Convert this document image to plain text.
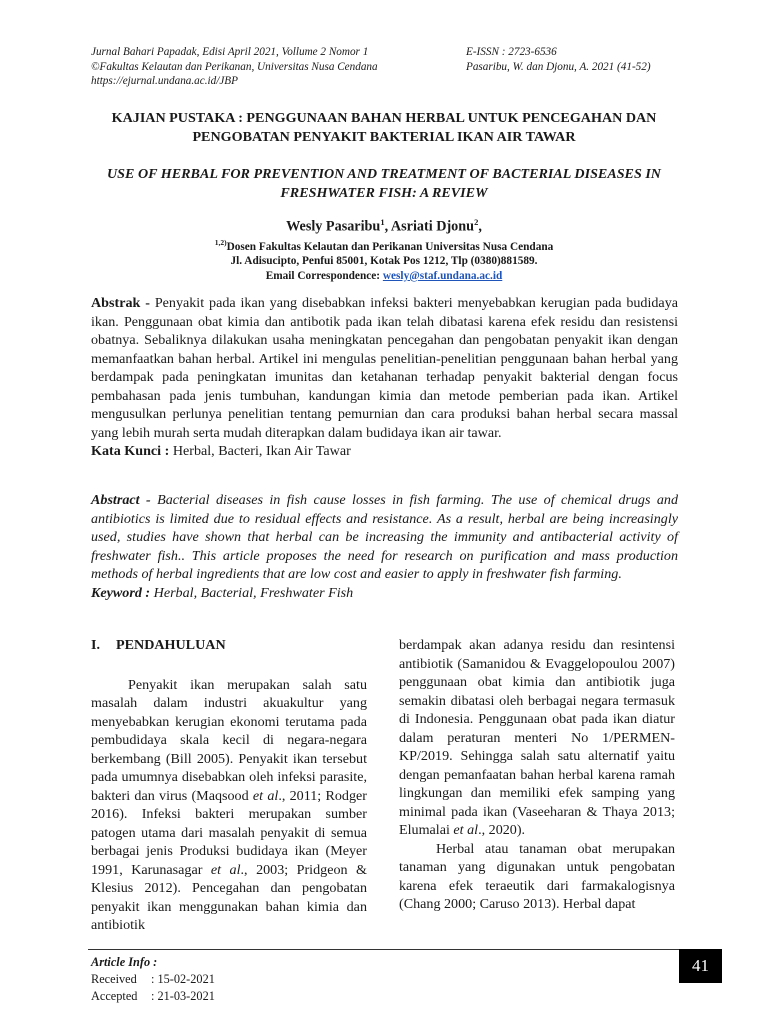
Jurnal Bahari Papadak, Edisi April 2021, Vollume 2 Nomor 1
©Fakultas Kelautan dan Perikanan, Universitas Nusa Cendana
https://ejurnal.undana.ac.id/JBP
E-ISSN : 2723-6536
Pasaribu, W. dan Djonu, A. 2021 (41-52)
KAJIAN PUSTAKA : PENGGUNAAN BAHAN HERBAL UNTUK PENCEGAHAN DAN PENGOBATAN PENYAKIT BAKTERIAL IKAN AIR TAWAR
USE OF HERBAL FOR PREVENTION AND TREATMENT OF BACTERIAL DISEASES IN FRESHWATER FISH: A REVIEW
Wesly Pasaribu$^1$, Asriati Djonu$^2$,
$^{1,2)}$Dosen Fakultas Kelautan dan Perikanan Universitas Nusa Cendana
Jl. Adisucipto, Penfui 85001, Kotak Pos 1212, Tlp (0380)881589.
Email Correspondence: wesly@staf.undana.ac.id
Abstrak - Penyakit pada ikan yang disebabkan infeksi bakteri menyebabkan kerugian pada budidaya ikan. Penggunaan obat kimia dan antibotik pada ikan telah dibatasi karena efek residu dan resistensi obatnya. Sebaliknya dilakukan usaha meningkatan pencegahan dan pengobatan penyakit ikan dengan memanfaatkan bahan herbal. Artikel ini mengulas penelitian-penelitian penggunaan bahan herbal yang berdampak pada peningkatan imunitas dan ketahanan terhadap penyakit bakterial dengan focus pembahasan pada jenis tumbuhan, kandungan kimia dan metode pemberian pada ikan. Artikel mengusulkan perlunya penelitian tentang pemurnian dan cara produksi bahan herbal secara massal yang lebih murah serta mudah diterapkan dalam budidaya ikan air tawar.
Kata Kunci : Herbal, Bacteri, Ikan Air Tawar
Abstract - Bacterial diseases in fish cause losses in fish farming. The use of chemical drugs and antibiotics is limited due to residual effects and resistance. As a result, herbal are being increasingly used, studies have shown that herbal can be increasing the immunity and antibacterial activity of freshwater fish.. This article proposes the need for research on purification and mass production methods of herbal ingredients that are low cost and easier to apply in freshwater fish farming.
Keyword : Herbal, Bacterial, Freshwater Fish
I. PENDAHULUAN

Penyakit ikan merupakan salah satu masalah dalam industri akuakultur yang menyebabkan kerugian ekonomi terutama pada pembudidaya skala kecil di negara-negara berkembang (Bill 2005). Penyakit ikan tersebut pada umumnya disebabkan oleh infeksi parasite, bakteri dan virus (Maqsood et al., 2011; Rodger 2016). Infeksi bakteri merupakan sumber patogen utama dari masalah penyakit di semua berbagai jenis Produksi budidaya ikan (Meyer 1991, Karunasagar et al., 2003; Pridgeon & Klesius 2012). Pencegahan dan pengobatan penyakit ikan menggunakan bahan kimia dan antibiotik

berdampak akan adanya residu dan resintensi antibiotik (Samanidou & Evaggelopoulou 2007) penggunaan obat kimia dan antibiotik juga semakin dibatasi oleh berbagai negara termasuk di Indonesia. Penggunaan obat pada ikan diatur dalam peraturan menteri No 1/PERMEN-KP/2019. Sehingga salah satu alternatif yaitu dengan pemanfaatan bahan herbal karena ramah lingkungan dan memiliki efek samping yang minimal pada ikan (Vaseeharan & Thaya 2013; Elumalai et al., 2020).

Herbal atau tanaman obat merupakan tanaman yang digunakan untuk pengobatan karena efek teraeutik dari farmakalogisnya (Chang 2000; Caruso 2013). Herbal dapat

Article Info :
Received : 15-02-2021
Accepted : 21-03-2021
41
